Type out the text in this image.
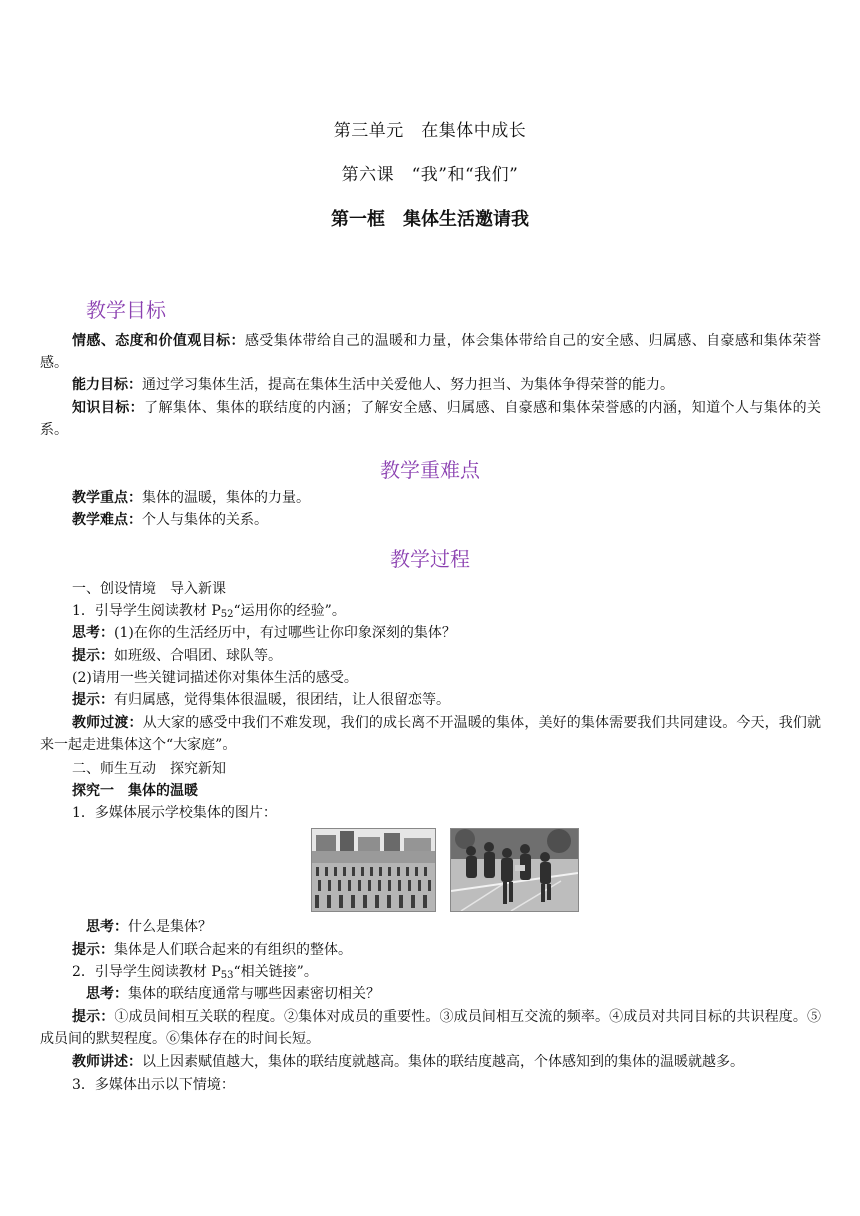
第三单元　在集体中成长
第六课　“我”和“我们”
第一框　集体生活邀请我
教学目标
情感、态度和价值观目标：感受集体带给自己的温暖和力量，体会集体带给自己的安全感、归属感、自豪感和集体荣誉感。
能力目标：通过学习集体生活，提高在集体生活中关爱他人、努力担当、为集体争得荣誉的能力。
知识目标：了解集体、集体的联结度的内涵；了解安全感、归属感、自豪感和集体荣誉感的内涵，知道个人与集体的关系。
教学重难点
教学重点：集体的温暖，集体的力量。
教学难点：个人与集体的关系。
教学过程
一、创设情境　导入新课
1．引导学生阅读教材 $P_{52}“$运用你的经验”。
思考：(1)在你的生活经历中，有过哪些让你印象深刻的集体？
提示：如班级、合唱团、球队等。
(2)请用一些关键词描述你对集体生活的感受。
提示：有归属感，觉得集体很温暖，很团结，让人很留恋等。
教师过渡：从大家的感受中我们不难发现，我们的成长离不开温暖的集体，美好的集体需要我们共同建设。今天，我们就来一起走进集体这个“大家庭”。
二、师生互动　探究新知
探究一　集体的温暖
1．多媒体展示学校集体的图片：
思考：什么是集体？
提示：集体是人们联合起来的有组织的整体。
2．引导学生阅读教材 $P_{53}“$相关链接”。
思考：集体的联结度通常与哪些因素密切相关？
提示：①成员间相互关联的程度。②集体对成员的重要性。③成员间相互交流的频率。④成员对共同目标的共识程度。⑤成员间的默契程度。⑥集体存在的时间长短。
教师讲述：以上因素赋值越大，集体的联结度就越高。集体的联结度越高，个体感知到的集体的温暖就越多。
3．多媒体出示以下情境：
